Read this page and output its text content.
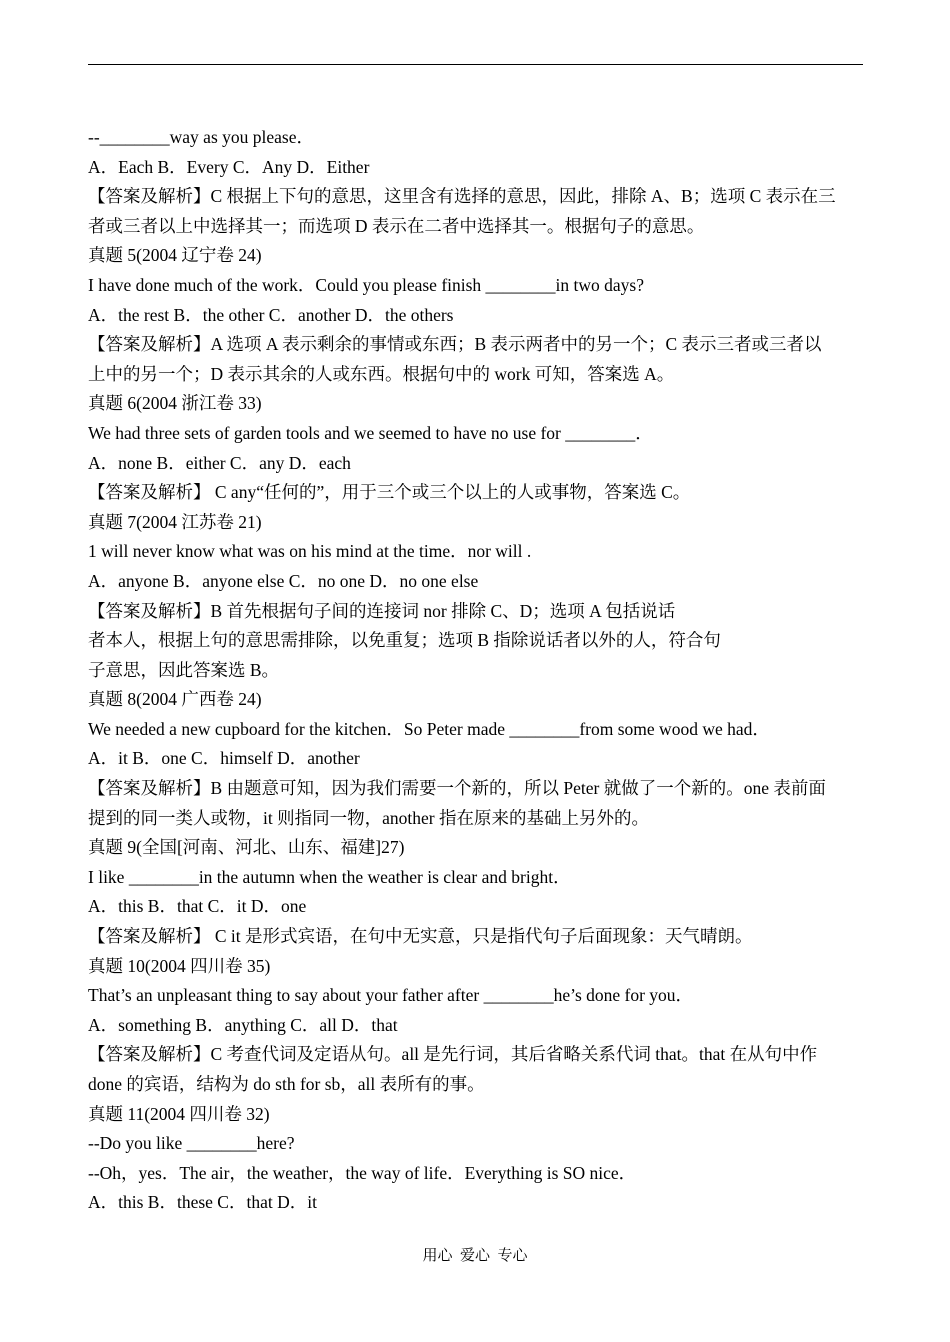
--________way as you please．
A．Each B．Every C．Any D．Either
【答案及解析】C 根据上下句的意思，这里含有选择的意思，因此，排除 A、B；选项 C 表示在三
者或三者以上中选择其一；而选项 D 表示在二者中选择其一。根据句子的意思。
真题 5(2004 辽宁卷 24)
I have done much of the work．Could you please finish ________in two days?
A．the rest B．the other C．another D．the others
【答案及解析】A 选项 A 表示剩余的事情或东西；B 表示两者中的另一个；C 表示三者或三者以
上中的另一个；D 表示其余的人或东西。根据句中的 work 可知，答案选 A。
真题 6(2004 浙江卷 33)
We had three sets of garden tools and we seemed to have no use for ________．
A．none B．either C．any D．each
【答案及解析】 C any“任何的”，用于三个或三个以上的人或事物，答案选 C。
真题 7(2004 江苏卷 21)
1 will never know what was on his mind at the time．nor will .
A．anyone B．anyone else C．no one D．no one else
【答案及解析】B 首先根据句子间的连接词 nor 排除 C、D；选项 A 包括说话
者本人，根据上句的意思需排除，以免重复；选项 B 指除说话者以外的人，符合句
子意思，因此答案选 B。
真题 8(2004 广西卷 24)
We needed a new cupboard for the kitchen．So Peter made ________from some wood we had．
A．it B．one C．himself D．another
【答案及解析】B 由题意可知，因为我们需要一个新的，所以 Peter 就做了一个新的。one 表前面
提到的同一类人或物，it 则指同一物，another 指在原来的基础上另外的。
真题 9(全国[河南、河北、山东、福建]27)
I like ________in the autumn when the weather is clear and bright．
A．this B．that C．it D．one
【答案及解析】 C it 是形式宾语，在句中无实意，只是指代句子后面现象：天气晴朗。
真题 10(2004 四川卷 35)
That’s an unpleasant thing to say about your father after ________he’s done for you．
A．something B．anything C．all D．that
【答案及解析】C 考查代词及定语从句。all 是先行词，其后省略关系代词 that。that 在从句中作
done 的宾语，结构为 do sth for sb，all 表所有的事。
真题 11(2004 四川卷 32)
--Do you like ________here?
--Oh，yes．The air，the weather，the way of life．Everything is SO nice．
A．this B．these C．that D．it
用心  爱心  专心
